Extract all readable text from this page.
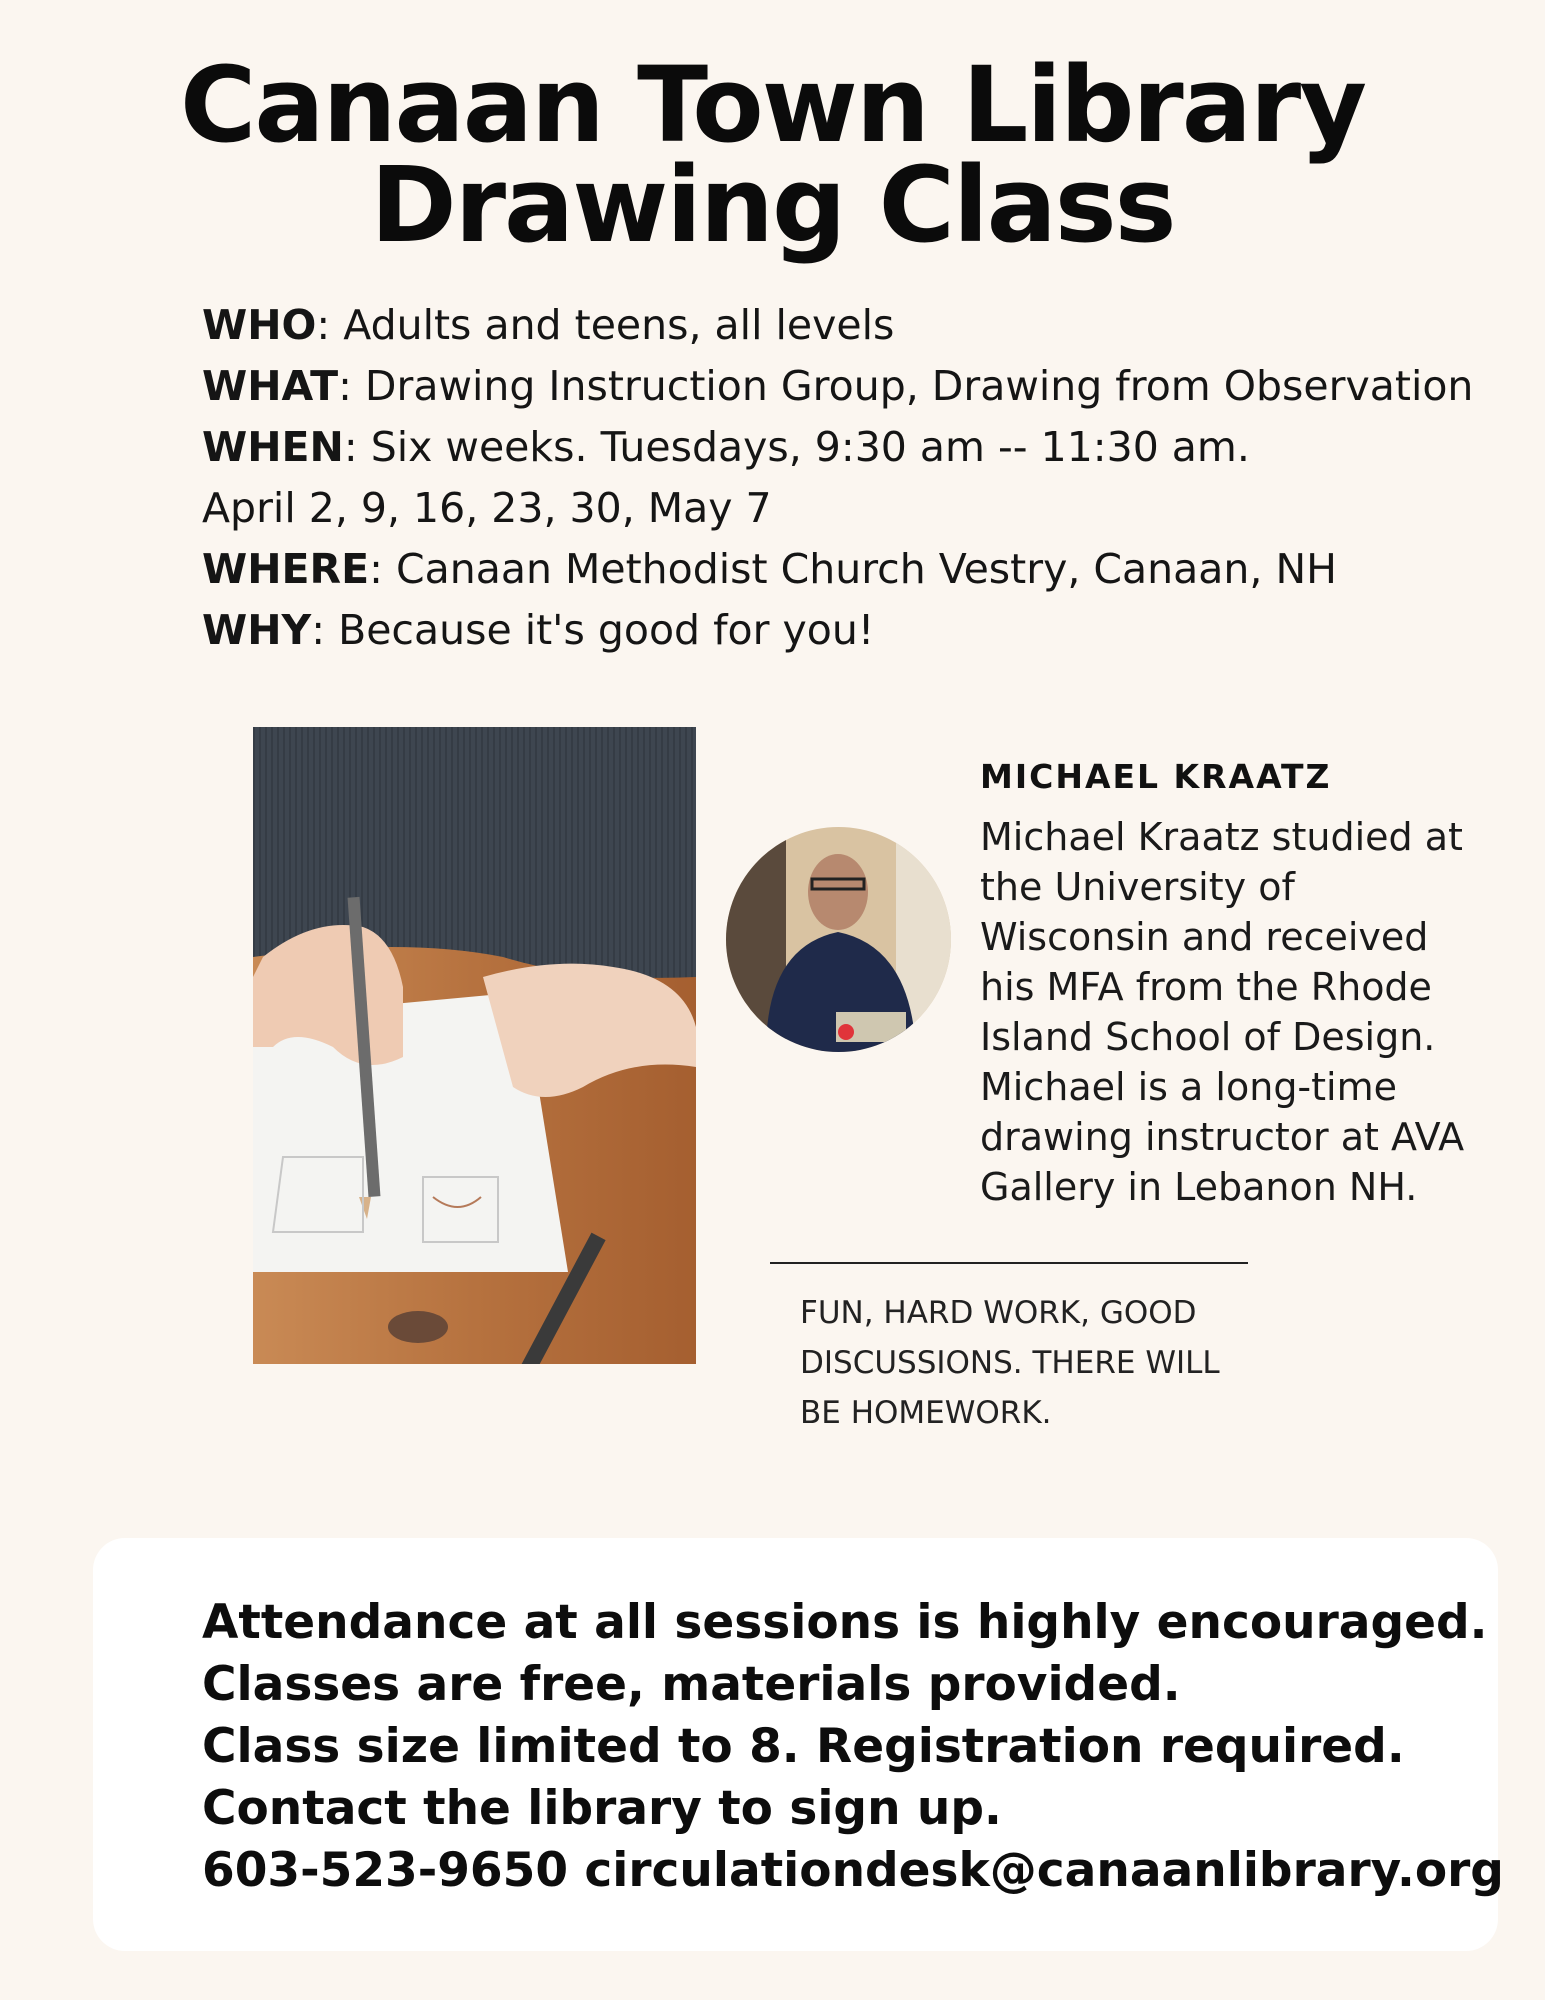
Canaan Town Library
Drawing Class
WHO: Adults and teens, all levels
WHAT: Drawing Instruction Group, Drawing from Observation
WHEN: Six weeks. Tuesdays, 9:30 am -- 11:30 am.
April 2, 9, 16, 23, 30, May 7
WHERE: Canaan Methodist Church Vestry, Canaan, NH
WHY: Because it's good for you!
MICHAEL KRAATZ
Michael Kraatz studied at the University of Wisconsin and received his MFA from the Rhode Island School of Design. Michael is a long-time drawing instructor at AVA Gallery in Lebanon NH.
FUN, HARD WORK, GOOD DISCUSSIONS. THERE WILL BE HOMEWORK.
Attendance at all sessions is highly encouraged.
Classes are free, materials provided.
Class size limited to 8. Registration required.
Contact the library to sign up.
603-523-9650 circulationdesk@canaanlibrary.org
